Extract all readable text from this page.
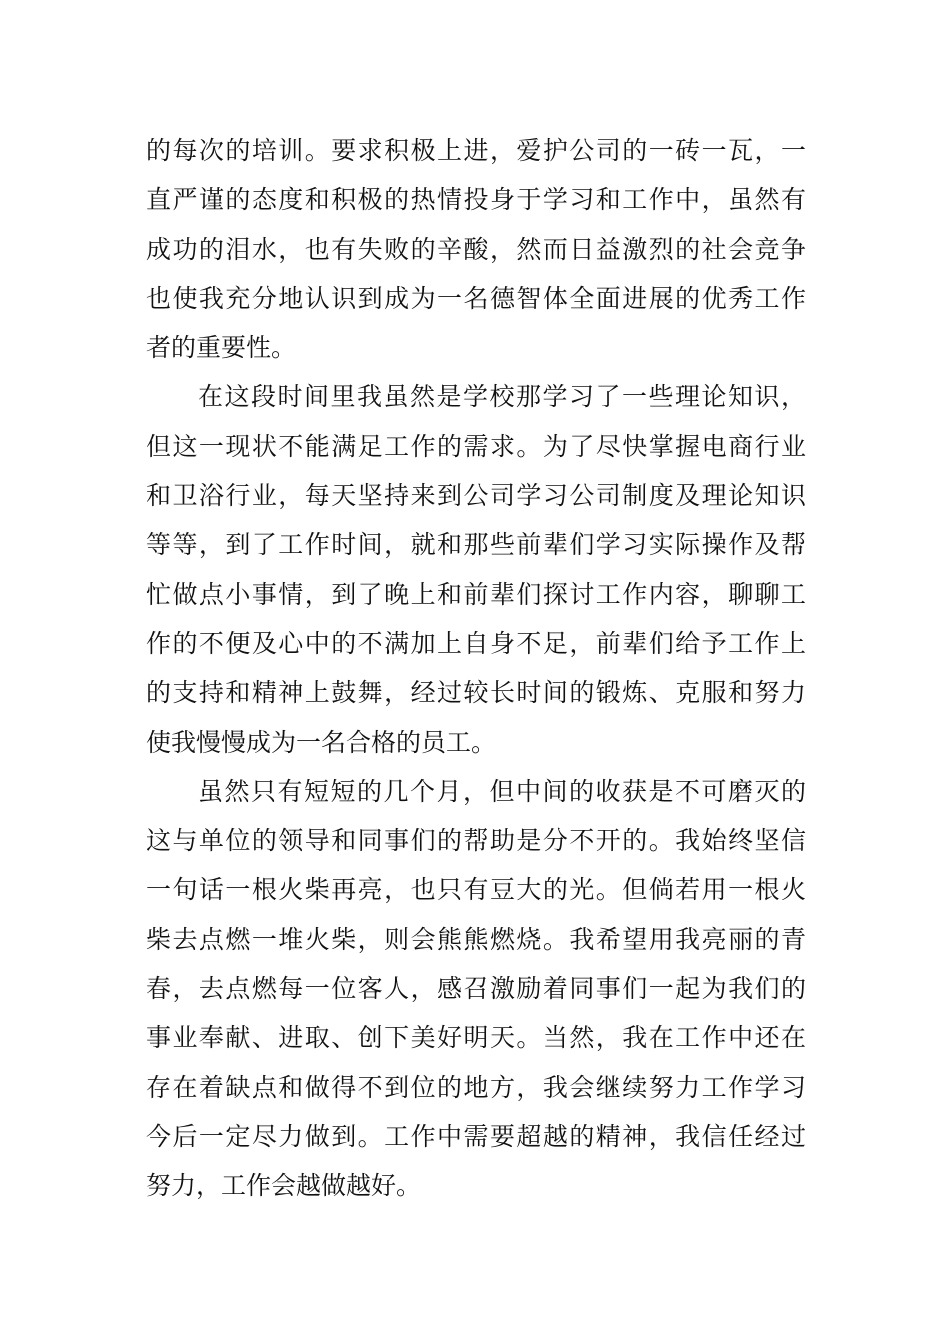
的每次的培训。要求积极上进，爱护公司的一砖一瓦，一
直严谨的态度和积极的热情投身于学习和工作中，虽然有
成功的泪水，也有失败的辛酸，然而日益激烈的社会竞争
也使我充分地认识到成为一名德智体全面进展的优秀工作
者的重要性。
在这段时间里我虽然是学校那学习了一些理论知识，
但这一现状不能满足工作的需求。为了尽快掌握电商行业
和卫浴行业，每天坚持来到公司学习公司制度及理论知识
等等，到了工作时间，就和那些前辈们学习实际操作及帮
忙做点小事情，到了晚上和前辈们探讨工作内容，聊聊工
作的不便及心中的不满加上自身不足，前辈们给予工作上
的支持和精神上鼓舞，经过较长时间的锻炼、克服和努力
使我慢慢成为一名合格的员工。
虽然只有短短的几个月，但中间的收获是不可磨灭的
这与单位的领导和同事们的帮助是分不开的。我始终坚信
一句话一根火柴再亮，也只有豆大的光。但倘若用一根火
柴去点燃一堆火柴，则会熊熊燃烧。我希望用我亮丽的青
春，去点燃每一位客人，感召激励着同事们一起为我们的
事业奉献、进取、创下美好明天。当然，我在工作中还在
存在着缺点和做得不到位的地方，我会继续努力工作学习
今后一定尽力做到。工作中需要超越的精神，我信任经过
努力，工作会越做越好。
